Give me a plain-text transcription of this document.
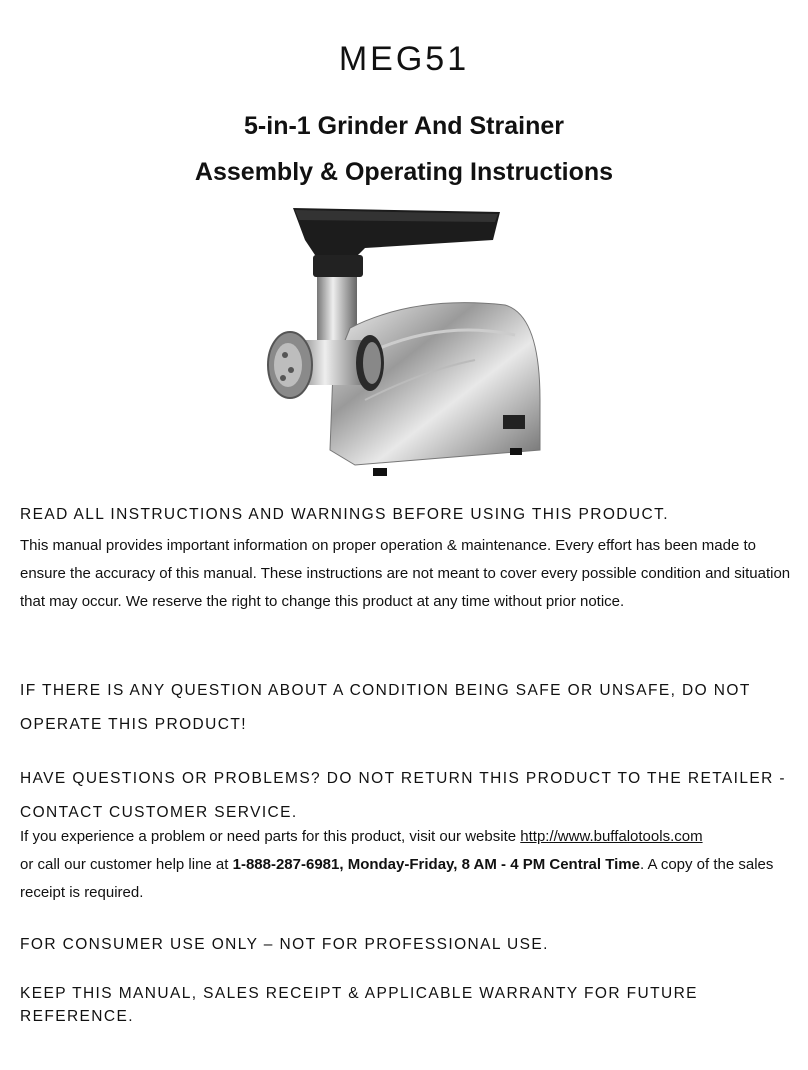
MEG51
5-in-1 Grinder And Strainer
Assembly & Operating Instructions
READ ALL INSTRUCTIONS AND WARNINGS BEFORE USING THIS PRODUCT.
This manual provides important information on proper operation & maintenance. Every effort has been made to ensure the accuracy of this manual. These instructions are not meant to cover every possible condition and situation that may occur. We reserve the right to change this product at any time without prior notice.
IF THERE IS ANY QUESTION ABOUT A CONDITION BEING SAFE OR UNSAFE, DO NOT OPERATE THIS PRODUCT!
HAVE QUESTIONS OR PROBLEMS? DO NOT RETURN THIS PRODUCT TO THE RETAILER - CONTACT CUSTOMER SERVICE.
If you experience a problem or need parts for this product, visit our website http://www.buffalotools.com
or call our customer help line at 1-888-287-6981, Monday-Friday, 8 AM - 4 PM Central Time. A copy of the sales receipt is required.
FOR CONSUMER USE ONLY – NOT FOR PROFESSIONAL USE.
KEEP THIS MANUAL, SALES RECEIPT & APPLICABLE WARRANTY FOR FUTURE REFERENCE.
